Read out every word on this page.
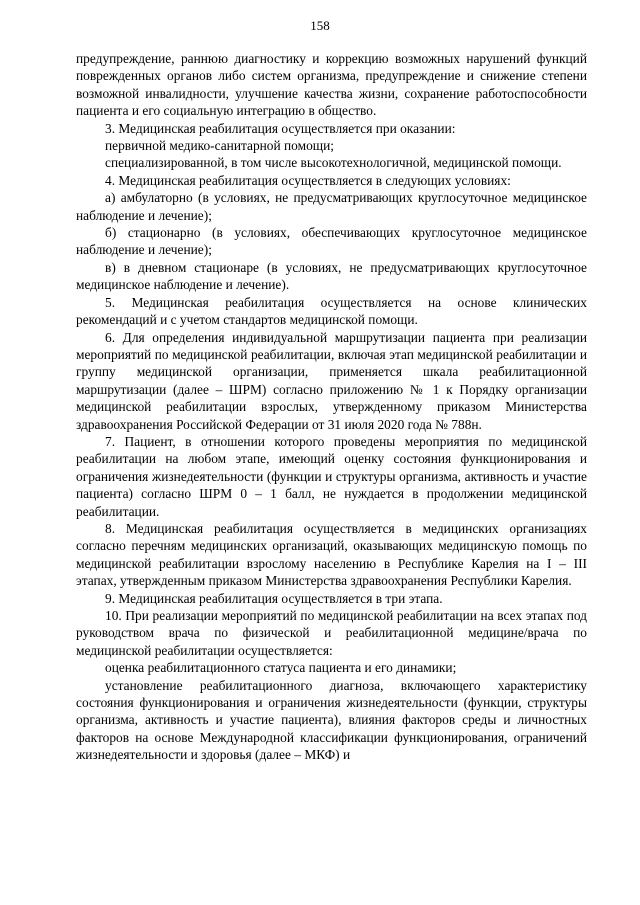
158

предупреждение, раннюю диагностику и коррекцию возможных нарушений функций поврежденных органов либо систем организма, предупреждение и снижение степени возможной инвалидности, улучшение качества жизни, сохранение работоспособности пациента и его социальную интеграцию в общество.

3. Медицинская реабилитация осуществляется при оказании:

первичной медико-санитарной помощи;

специализированной, в том числе высокотехнологичной, медицинской помощи.

4. Медицинская реабилитация осуществляется в следующих условиях:

а) амбулаторно (в условиях, не предусматривающих круглосуточное медицинское наблюдение и лечение);

б) стационарно (в условиях, обеспечивающих круглосуточное медицинское наблюдение и лечение);

в) в дневном стационаре (в условиях, не предусматривающих круглосуточное медицинское наблюдение и лечение).

5. Медицинская реабилитация осуществляется на основе клинических рекомендаций и с учетом стандартов медицинской помощи.

6. Для определения индивидуальной маршрутизации пациента при реализации мероприятий по медицинской реабилитации, включая этап медицинской реабилитации и группу медицинской организации, применяется шкала реабилитационной маршрутизации (далее – ШРМ) согласно приложению № 1 к Порядку организации медицинской реабилитации взрослых, утвержденному приказом Министерства здравоохранения Российской Федерации от 31 июля 2020 года № 788н.

7. Пациент, в отношении которого проведены мероприятия по медицинской реабилитации на любом этапе, имеющий оценку состояния функционирования и ограничения жизнедеятельности (функции и структуры организма, активность и участие пациента) согласно ШРМ 0 – 1 балл, не нуждается в продолжении медицинской реабилитации.

8. Медицинская реабилитация осуществляется в медицинских организациях согласно перечням медицинских организаций, оказывающих медицинскую помощь по медицинской реабилитации взрослому населению в Республике Карелия на I – III этапах, утвержденным приказом Министерства здравоохранения Республики Карелия.

9. Медицинская реабилитация осуществляется в три этапа.

10. При реализации мероприятий по медицинской реабилитации на всех этапах под руководством врача по физической и реабилитационной медицине/врача по медицинской реабилитации осуществляется:

оценка реабилитационного статуса пациента и его динамики;

установление реабилитационного диагноза, включающего характеристику состояния функционирования и ограничения жизнедеятельности (функции, структуры организма, активность и участие пациента), влияния факторов среды и личностных факторов на основе Международной классификации функционирования, ограничений жизнедеятельности и здоровья (далее – МКФ) и
